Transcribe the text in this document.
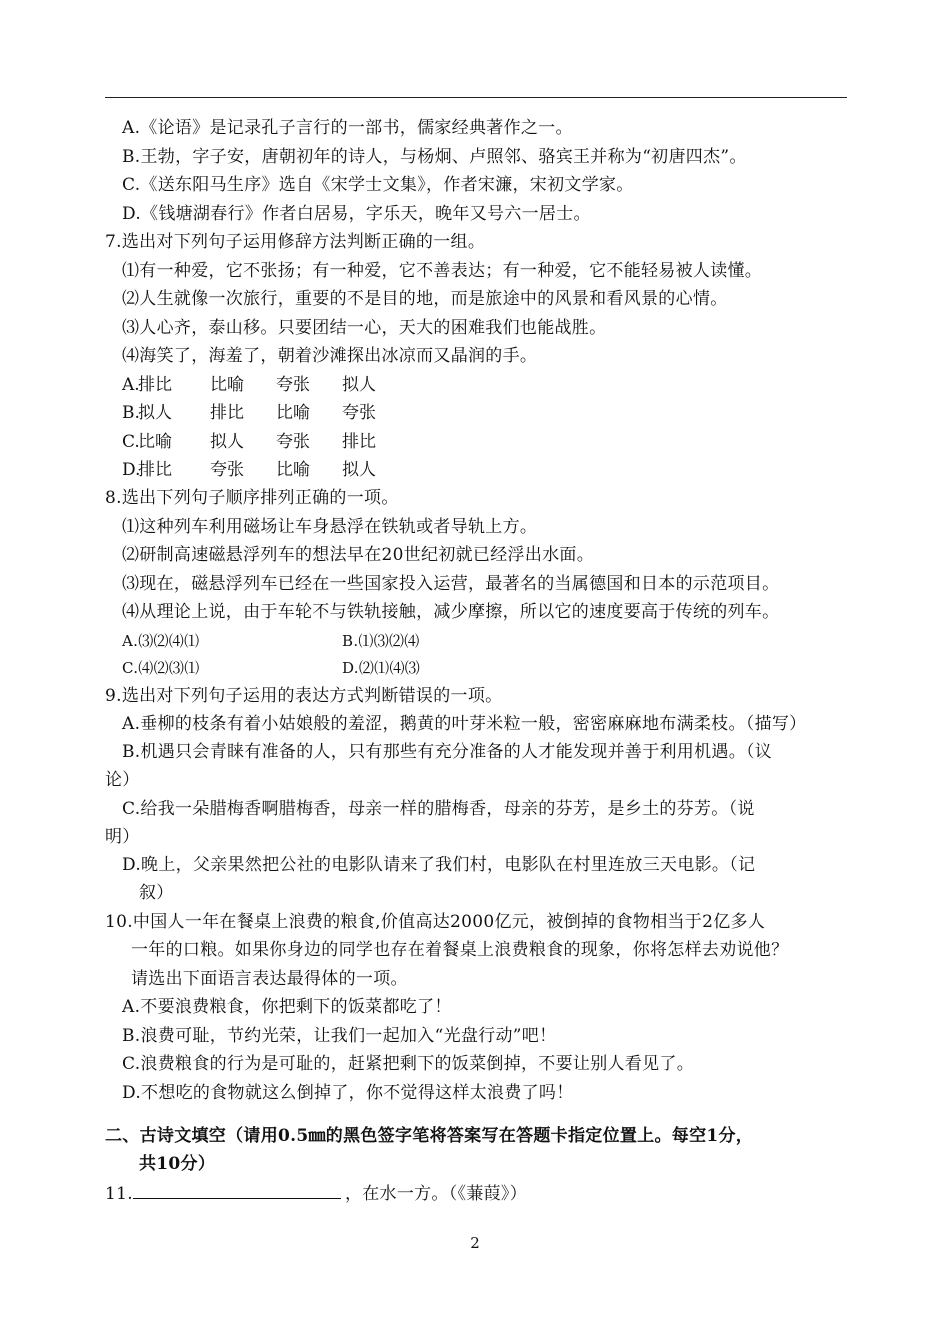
A.《论语》是记录孔子言行的一部书，儒家经典著作之一。
B.王勃，字子安，唐朝初年的诗人，与杨炯、卢照邻、骆宾王并称为“初唐四杰”。
C.《送东阳马生序》选自《宋学士文集》，作者宋濂，宋初文学家。
D.《钱塘湖春行》作者白居易，字乐天，晚年又号六一居士。
7.选出对下列句子运用修辞方法判断正确的一组。
⑴有一种爱，它不张扬；有一种爱，它不善表达；有一种爱，它不能轻易被人读懂。
⑵人生就像一次旅行，重要的不是目的地，而是旅途中的风景和看风景的心情。
⑶人心齐，泰山移。只要团结一心，天大的困难我们也能战胜。
⑷海笑了，海羞了，朝着沙滩探出冰凉而又晶润的手。
A.
排比 比喻 夸张 拟人
B.
拟人 排比 比喻 夸张
C.
比喻 拟人 夸张 排比
D.
排比 夸张 比喻 拟人
8.选出下列句子顺序排列正确的一项。
⑴这种列车利用磁场让车身悬浮在铁轨或者导轨上方。
⑵研制高速磁悬浮列车的想法早在20世纪初就已经浮出水面。
⑶现在，磁悬浮列车已经在一些国家投入运营，最著名的当属德国和日本的示范项目。
⑷从理论上说，由于车轮不与铁轨接触，减少摩擦，所以它的速度要高于传统的列车。
A.⑶⑵⑷⑴	B.⑴⑶⑵⑷
C.⑷⑵⑶⑴	D.⑵⑴⑷⑶
9.选出对下列句子运用的表达方式判断错误的一项。
A.垂柳的枝条有着小姑娘般的羞涩，鹅黄的叶芽米粒一般，密密麻麻地布满柔枝。（描写）
B.机遇只会青睐有准备的人，只有那些有充分准备的人才能发现并善于利用机遇。（议
论）
C.给我一朵腊梅香啊腊梅香，母亲一样的腊梅香，母亲的芬芳，是乡土的芬芳。（说
明）
D.晚上，父亲果然把公社的电影队请来了我们村，电影队在村里连放三天电影。（记
叙）
10.中国人一年在餐桌上浪费的粮食,价值高达2000亿元，被倒掉的食物相当于2亿多人
一年的口粮。如果你身边的同学也存在着餐桌上浪费粮食的现象，你将怎样去劝说他？
请选出下面语言表达最得体的一项。
A.不要浪费粮食，你把剩下的饭菜都吃了！
B.浪费可耻，节约光荣，让我们一起加入“光盘行动”吧！
C.浪费粮食的行为是可耻的，赶紧把剩下的饭菜倒掉，不要让别人看见了。
D.不想吃的食物就这么倒掉了，你不觉得这样太浪费了吗！
二、古诗文填空（请用0.5㎜的黑色签字笔将答案写在答题卡指定位置上。每空1分，
共10分）
11.	，在水一方。（《蒹葭》）
2
